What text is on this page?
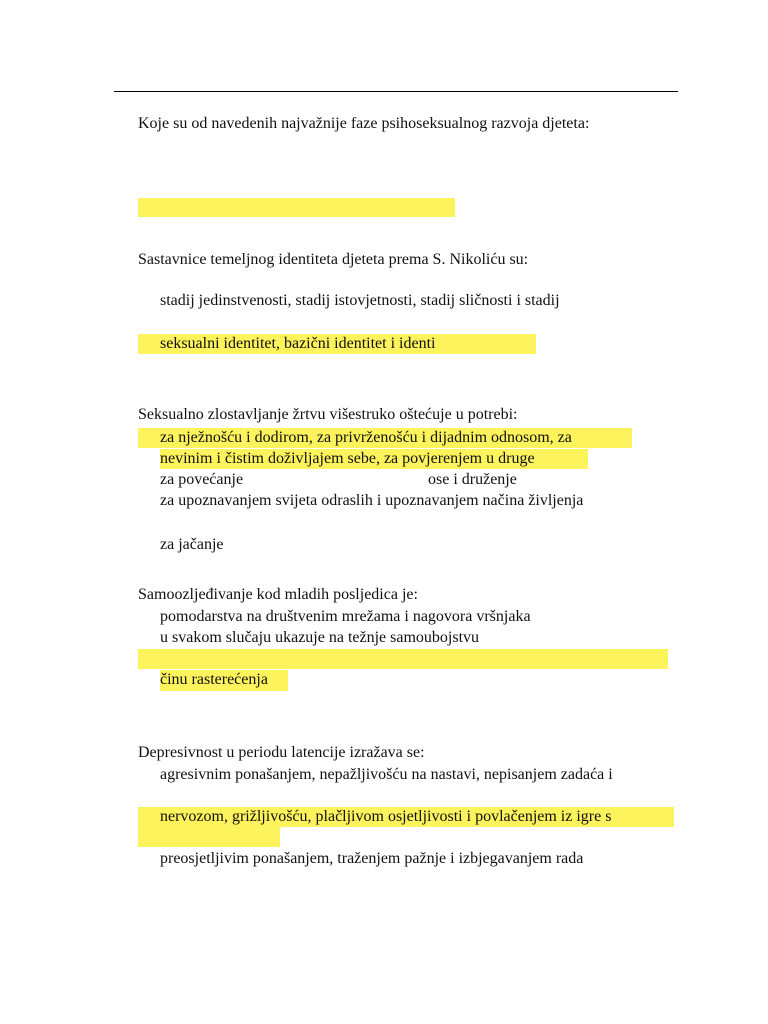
Koje su od navedenih najvažnije faze psihoseksualnog razvoja djeteta:
Sastavnice temeljnog identiteta djeteta prema S. Nikoliću su:
stadij jedinstvenosti, stadij istovjetnosti, stadij sličnosti i stadij
seksualni identitet, bazični identitet i identi
Seksualno zlostavljanje žrtvu višestruko oštećuje u potrebi:
za nježnošću i dodirom, za privrženošću i dijadnim odnosom, za
nevinim i čistim doživljajem sebe, za povjerenjem u druge
za povećanje	ose i druženje
za upoznavanjem svijeta odraslih i upoznavanjem načina življenja
za jačanje
Samoozljeđivanje kod mladih posljedica je:
pomodarstva na društvenim mrežama i nagovora vršnjaka
u svakom slučaju ukazuje na težnje samoubojstvu
činu rasterećenja
Depresivnost u periodu latencije izražava se:
agresivnim ponašanjem, nepažljivošću na nastavi, nepisanjem zadaća i
nervozom, grižljivošću, plačljivom osjetljivosti i povlačenjem iz igre s
preosjetljivim ponašanjem, traženjem pažnje i izbjegavanjem rada
